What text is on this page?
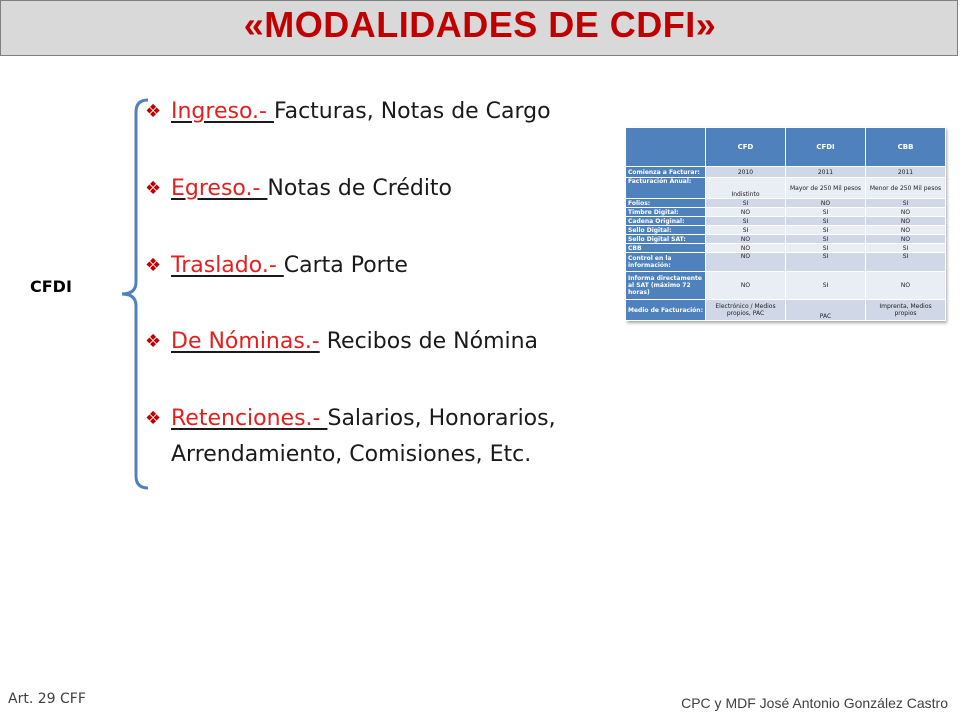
«MODALIDADES DE CDFI»
CFDI
❖ Ingreso.- Facturas, Notas de Cargo
❖ Egreso.- Notas de Crédito
❖ Traslado.- Carta Porte
❖ De Nóminas.- Recibos de Nómina
❖ Retenciones.- Salarios, Honorarios,
Arrendamiento, Comisiones, Etc.
	CFD	CFDI	CBB
Comienza a Facturar:	2010	2011	2011
Facturación Anual:	Indistinto	Mayor de 250 Mil pesos	Menor de 250 Mil pesos
Folios:	SI	NO	SI
Timbre Digital:	NO	SI	NO
Cadena Original:	SI	SI	NO
Sello Digital:	SI	SI	NO
Sello Digital SAT:	NO	SI	NO
CBB	NO	SI	SI
Control en la información:	NO	SI	SI
Informa directamente al SAT (máximo 72 horas)	NO	SI	NO
Medio de Facturación:	Electrónico / Medios propios, PAC	PAC	Imprenta, Medios propios
Art. 29 CFF	CPC y MDF José Antonio González Castro
